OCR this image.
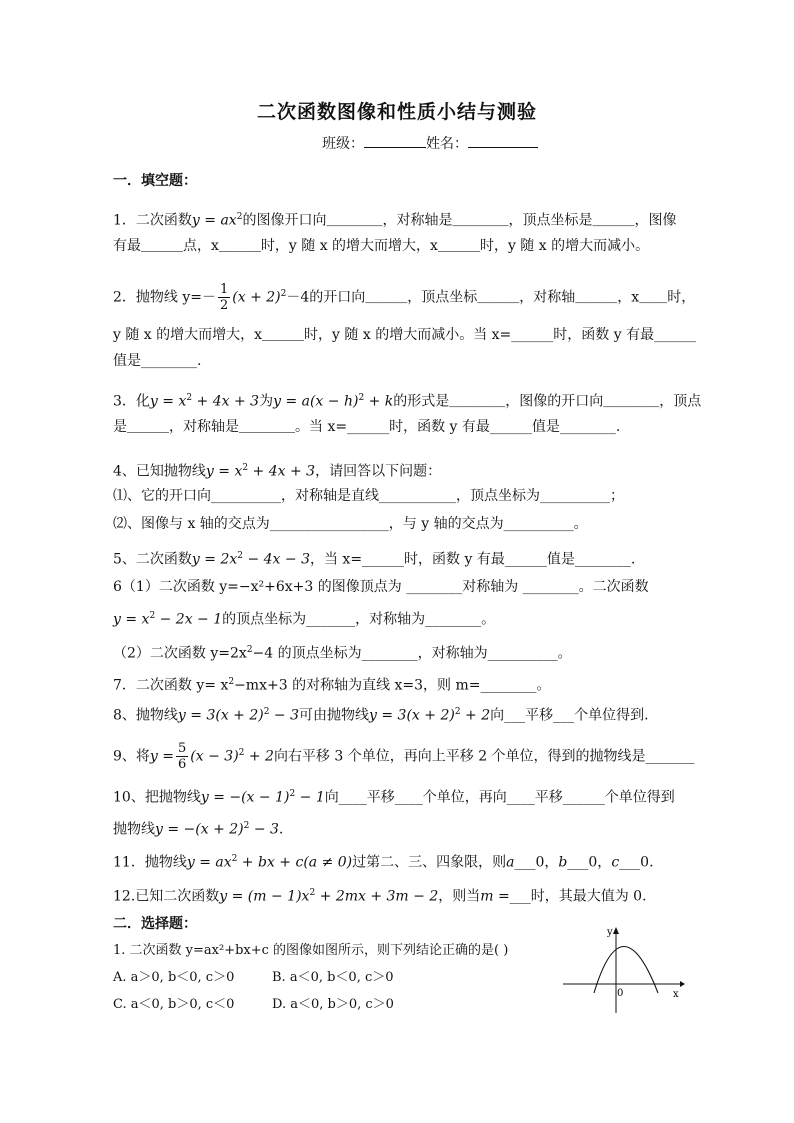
二次函数图像和性质小结与测验
班级：	姓名：
一．填空题：
1．二次函数$y = ax^2$的图像开口向＿＿＿＿，对称轴是＿＿＿＿，顶点坐标是＿＿＿，图像
有最＿＿＿点，x＿＿＿时，y 随 x 的增大而增大，x＿＿＿时，y 随 x 的增大而减小。
2．抛物线 $y=- \frac{1}{2} (x + 2)^2-4$的开口向＿＿＿，顶点坐标＿＿＿，对称轴＿＿＿，x＿＿时，
y 随 x 的增大而增大，x＿＿＿时，y 随 x 的增大而减小。当 x=______时，函数 y 有最______
值是________.
3．化$y = x^2 + 4x + 3$为$y = a(x - h)^2 + k$的形式是＿＿＿＿，图像的开口向＿＿＿＿，顶点
是＿＿＿，对称轴是＿＿＿＿。当 x=______时，函数 y 有最______值是________.
4、已知抛物线$y = x^2 + 4x + 3$，请回答以下问题：
⑴、它的开口向__________，对称轴是直线___________，顶点坐标为__________；
⑵、图像与 x 轴的交点为_________________，与 y 轴的交点为__________。
5、二次函数$y = 2x^2 - 4x - 3$，当 x=______时，函数 y 有最______值是________.
6（1）二次函数 y=−x²+6x+3 的图像顶点为 ________对称轴为 ________。二次函数
$y = x^2 - 2x - 1$的顶点坐标为_______，对称轴为________。
（2）二次函数 $y=2x^2-4$ 的顶点坐标为________，对称轴为__________。
7．二次函数 $y= x^2-mx+3$ 的对称轴为直线 x=3，则 m=________。
8、抛物线$y = 3(x + 2)^2 - 3$可由抛物线$y = 3(x + 2)^2 + 2$向___平移___个单位得到.
9、将$y = \frac{5}{6} (x - 3)^2 + 2$向右平移 3 个单位，再向上平移 2 个单位，得到的抛物线是_______
10、把抛物线$y = -(x - 1)^2 - 1$向____平移____个单位，再向____平移______个单位得到
抛物线$y = -(x + 2)^2 - 3$.
11．抛物线$y = ax^2$ + bx + c(a ≠ 0)过第二、三、四象限，则a___0，b___0，c___0.
12.已知二次函数$y = (m - 1)x^2 + 2mx + 3m - 2$，则当m =___时，其最大值为 0.
二．选择题：
1. 二次函数 y=ax²+bx+c 的图像如图所示，则下列结论正确的是( )
A. a＞0, b＜0, c＞0	B. a＜0, b＜0, c＞0
C. a＜0, b＞0, c＜0	D. a＜0, b＞0, c＞0
y
x
0
